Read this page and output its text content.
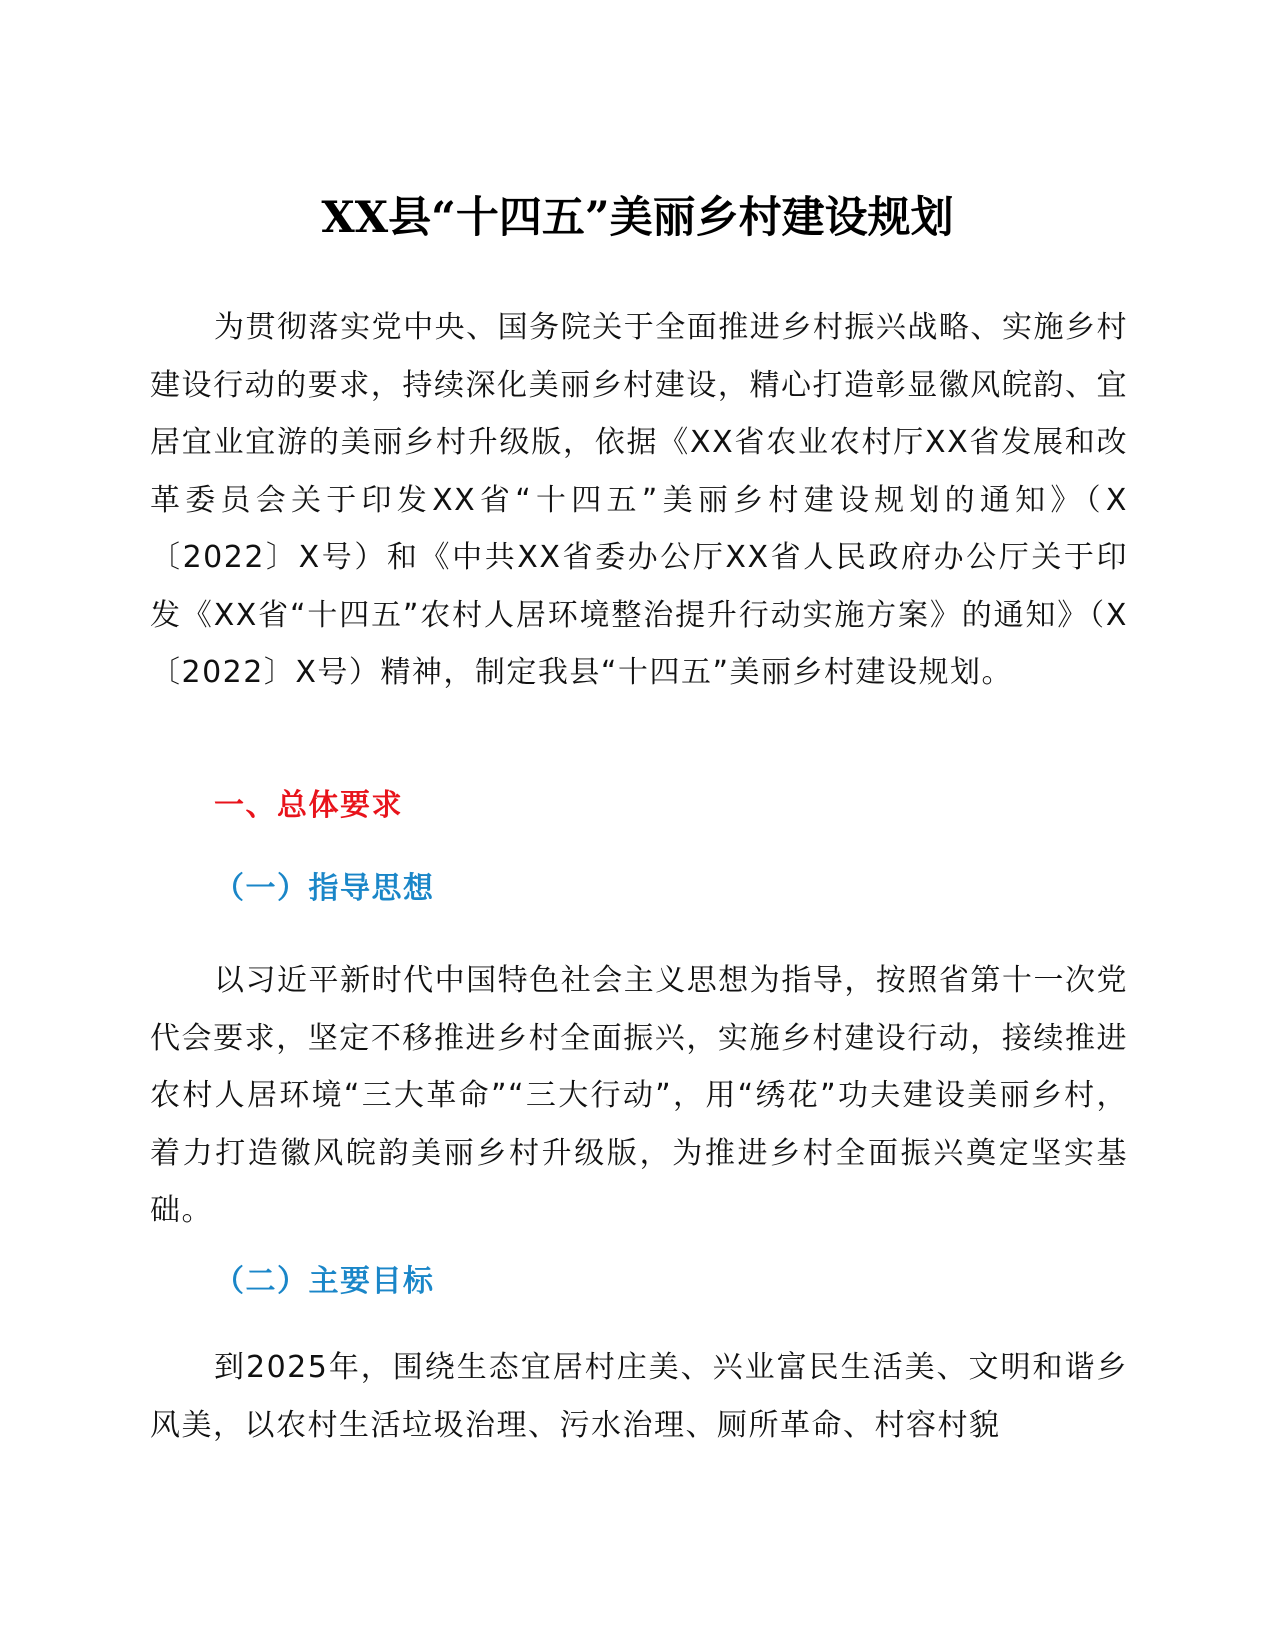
XX县“十四五”美丽乡村建设规划

为贯彻落实党中央、国务院关于全面推进乡村振兴战略、实施乡村建设行动的要求，持续深化美丽乡村建设，精心打造彰显徽风皖韵、宜居宜业宜游的美丽乡村升级版，依据《XX省农业农村厅XX省发展和改革委员会关于印发XX省“十四五”美丽乡村建设规划的通知》（X〔2022〕X号）和《中共XX省委办公厅XX省人民政府办公厅关于印发《XX省“十四五”农村人居环境整治提升行动实施方案》的通知》（X〔2022〕X号）精神，制定我县“十四五”美丽乡村建设规划。

一、总体要求
（一）指导思想

以习近平新时代中国特色社会主义思想为指导，按照省第十一次党代会要求，坚定不移推进乡村全面振兴，实施乡村建设行动，接续推进农村人居环境“三大革命”“三大行动”，用“绣花”功夫建设美丽乡村，着力打造徽风皖韵美丽乡村升级版，为推进乡村全面振兴奠定坚实基础。

（二）主要目标

到2025年，围绕生态宜居村庄美、兴业富民生活美、文明和谐乡风美，以农村生活垃圾治理、污水治理、厕所革命、村容村貌
